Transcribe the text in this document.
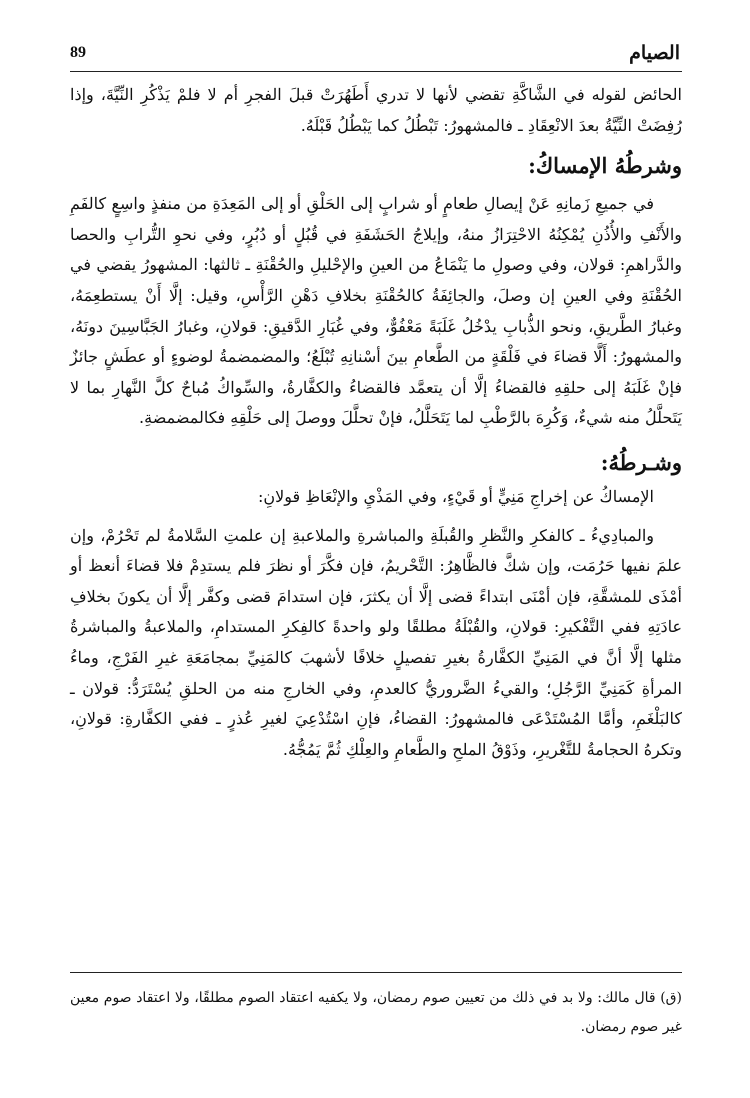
89	الصيام

الحائض لقوله في الشَّاكَّةِ تقضي لأنها لا تدري أَطَهُرَتْ قبلَ الفجرِ أم لا فلمْ يَذْكُرِ النِّيَّةَ، وإذا رُفِضَتْ النِّيَّةُ بعدَ الانْعِقَادِ ـ فالمشهورُ: تَبْطُلُ كما يَبْطُلُ قَبْلَهُ.

وشرطُهُ الإمساكُ:

في جميعِ زَمانِهِ عَنْ إيصالِ طعامٍ أو شرابٍ إلى الحَلْقِ أو إلى المَعِدَةِ من منفذٍ واسِعٍ كالفَمِ والأَنْفِ والأُذُنِ يُمْكِنُهُ الاحْتِرَازُ منهُ، وإيلاجُ الحَشَفَةِ في قُبُلٍ أو دُبُرٍ، وفي نحوِ التُّرابِ والحصا والدَّراهمِ: قولان، وفي وصولِ ما يَنْمَاعُ من العينِ والإحْليلِ والحُقْنَةِ ـ ثالثها: المشهورُ يقضي في الحُقْنَةِ وفي العينِ إن وصلَ، والجائِفَةُ كالحُقْنَةِ بخلافِ دَهْنِ الرَّأْسِ، وقيل: إلَّا أَنْ يستطعِمَهُ، وغبارُ الطَّريقِ، ونحو الذُّبابِ يدْخُلُ غَلَبَةً مَعْفُوٌّ، وفي غُبَارِ الدَّقيقِ: قولانِ، وغبارُ الجَبَّاسِينَ دونَهُ، والمشهورُ: أَلَّا قضاءَ في فَلْقَةٍ من الطَّعامِ بينَ أسْنانِهِ تُبْلَعُ؛ والمضمضمةُ لوضوءٍ أو عطَشٍ جائزٌ فإنْ غَلَبَهُ إلى حلقِهِ فالقضاءُ إلَّا أن يتعمَّد فالقضاءُ والكفَّارةُ، والسِّواكُ مُباحٌ كلَّ النَّهارِ بما لا يَتَحلَّلُ منه شيءٌ، وَكُرِهَ بالرَّطْبِ لما يَتَحَلَّلُ، فإنْ تحلَّلَ ووصلَ إلى حَلْقِهِ فكالمضمضةِ.

وشـرطُهُ:

الإمساكُ عن إخراجِ مَنِيٍّ أو قَيْءٍ، وفي المَذْيِ والإنْعَاظِ قولانِ:

والمبادِيءُ ـ كالفكرِ والنَّظرِ والقُبلَةِ والمباشرةِ والملاعبةِ إن علمتِ السَّلامةُ لم تَحْرُمْ، وإن علمَ نفيها حَرُمَت، وإن شكَّ فالظَّاهِرُ: التَّحْريمُ، فإن فكَّرَ أو نظرَ فلم يستدِمْ فلا قضاءَ أنعظ أو أمْذَى للمشقَّةِ، فإن أمْنَى ابتداءً قضى إلَّا أن يكثرَ، فإن استدامَ قضى وكفَّر إلَّا أن يكونَ بخلافِ عادَتِهِ ففي التَّفْكيرِ: قولانِ، والقُبْلَةُ مطلقًا ولو واحدةً كالفِكرِ المستدامِ، والملاعبةُ والمباشرةُ مثلها إلَّا أنَّ في المَنِيِّ الكفَّارةُ بغيرِ تفصيلٍ خلافًا لأشهبَ كالمَنِيِّ بمجامَعَةِ غيرِ الفَرْجِ، وماءُ المرأةِ كَمَنِيِّ الرَّجُلِ؛ والقيءُ الضَّروريُّ كالعدمِ، وفي الخارجِ منه من الحلقِ يُسْتَرَدُّ: قولان ـ كالبَلْغَمِ، وأمَّا المُسْتَدْعَى فالمشهورُ: القضاءُ، فإنِ اسْتُدْعِيَ لغيرِ عُذرٍ ـ ففي الكفَّارةِ: قولانِ، وتكرهُ الحجامةُ للتَّغْريرِ، وذَوْقُ الملحِ والطَّعامِ والعِلْكِ ثُمَّ يَمُجُّهُ.

(ق) قال مالك: ولا بد في ذلك من تعيين صوم رمضان، ولا يكفيه اعتقاد الصوم مطلقًا، ولا اعتقاد صوم معين غير صوم رمضان.
